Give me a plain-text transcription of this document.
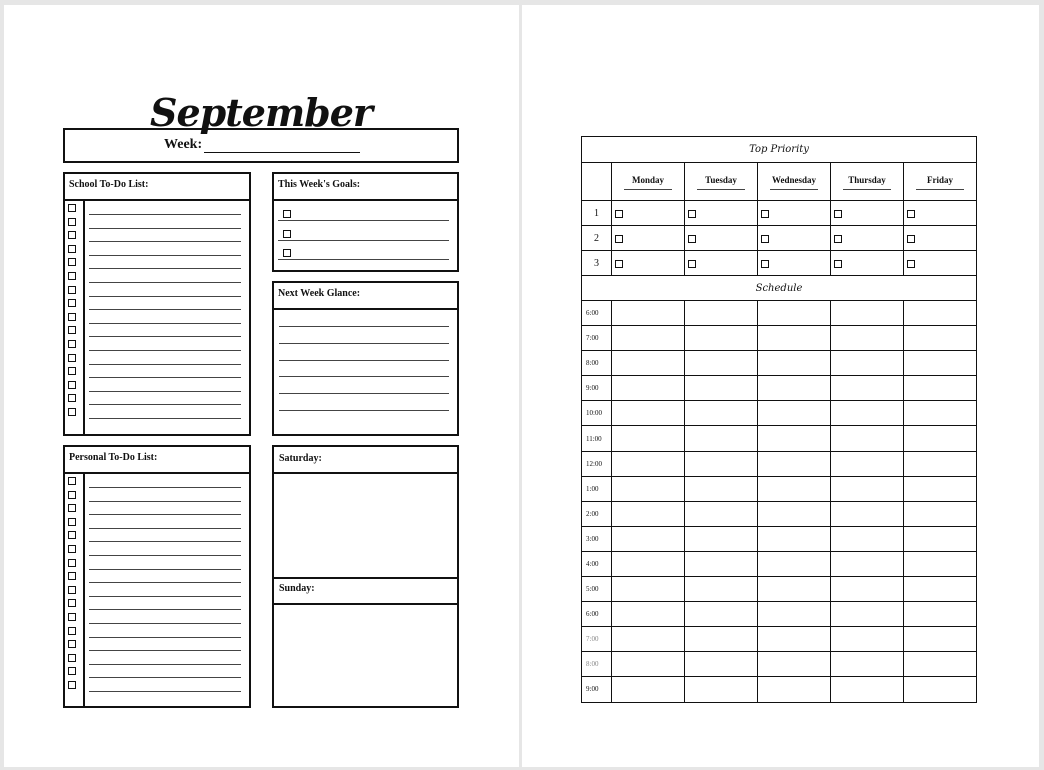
September
Week:
School To-Do List:	This Week's Goals:
Next Week Glance:
Personal To-Do List:	Saturday:
Sunday:
Top Priority					

	Monday	Tuesday	Wednesday	Thursday	Friday

1	

2	

3	

Schedule					
6:00					
7:00					
8:00					
9:00					
10:00					
11:00					
12:00					
1:00					
2:00					
3:00					
4:00					
5:00					
6:00					
7:00					
8:00					
9:00					
